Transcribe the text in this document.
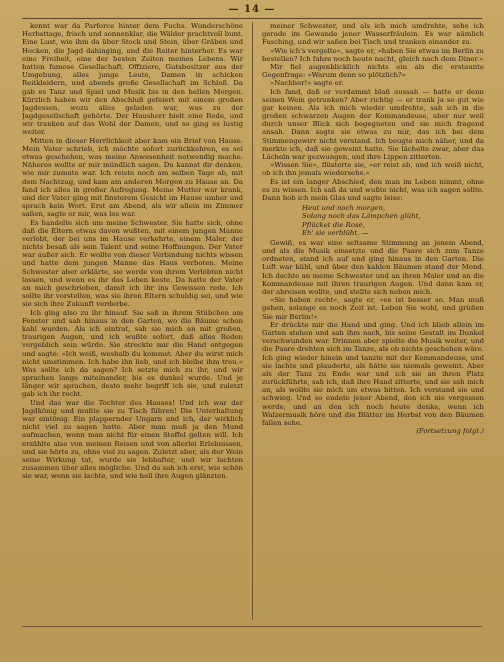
— 14 —

kennt war da Parforce hinter dem Fuchs. Wunderschöne Herbsttage, frisch und sonnenklar, die Wälder prachtvoll bunt. Eine Lust, wie ihm da über Stock und Stein, über Gräben und Hecken, die Jagd dahinging, und die Reiter hinterher. Es war eine Freiheit, eine der besten Zeiten meines Lebens. Wir hatten famose Gesellschaft. Offiziere, Gutsbesitzer aus der Umgebung, alles junge Leute, Damen in schicken Reitkleidern, und abends große Gesellschaft im Schloß. Da gab es Tanz und Spiel und Musik bis in den hellen Morgen. Kürzlich haben wir den Abschluß gefeiert mit einem großen Jagdessen, wozu alles geladen war, was zu der Jagdgesellschaft gehörte. Der Hausherr hielt eine Rede, und wir tranken auf das Wohl der Damen, und so ging es lustig weiter.

Mitten in dieser Herrlichkeit aber kam ein Brief von Hause. Mein Vater schrieb, ich möchte sofort zurückkehren, es sei etwas geschehen, was meine Anwesenheit notwendig mache. Näheres wollte er mir mündlich sagen. Du kannst dir denken, wie mir zumute war. Ich reiste noch am selben Tage ab, mit dem Nachtzug, und kam am anderen Morgen zu Hause an. Da fand ich alles in großer Aufregung. Meine Mutter war krank, und der Vater ging mit finsterem Gesicht im Hause umher und sprach kein Wort. Erst am Abend, als wir allein im Zimmer saßen, sagte er mir, was los war.

Es handelte sich um meine Schwester. Sie hatte sich, ohne daß die Eltern etwas davon wußten, mit einem jungen Manne verlobt, der bei uns im Hause verkehrte, einem Maler, der nichts besaß als sein Talent und seine Hoffnungen. Der Vater war außer sich. Er wollte von dieser Verbindung nichts wissen und hatte dem jungen Manne das Haus verboten. Meine Schwester aber erklärte, sie werde von ihrem Verlobten nicht lassen, und wenn es ihr das Leben koste. Da hatte der Vater an mich geschrieben, damit ich ihr ins Gewissen rede. Ich sollte ihr vorstellen, was sie ihren Eltern schuldig sei, und wie sie sich ihre Zukunft verderbe.

Ich ging also zu ihr hinauf. Sie saß in ihrem Stübchen am Fenster und sah hinaus in den Garten, wo die Bäume schon kahl wurden. Als ich eintrat, sah sie mich an mit großen, traurigen Augen, und ich wußte sofort, daß alles Reden vergeblich sein würde. Sie streckte mir die Hand entgegen und sagte: »Ich weiß, weshalb du kommst. Aber du wirst mich nicht umstimmen. Ich habe ihn lieb, und ich bleibe ihm treu.« Was sollte ich da sagen? Ich setzte mich zu ihr, und wir sprachen lange miteinander, bis es dunkel wurde. Und je länger wir sprachen, desto mehr begriff ich sie, und zuletzt gab ich ihr recht.

Und das war die Tochter des Hauses! Und ich war der Jagdkönig und mußte sie zu Tisch führen! Die Unterhaltung war eintönig. Ein plappernder Ungarn und ich, der wirklich nicht viel zu sagen hatte. Aber man muß ja den Mund aufmachen, wenn man nicht für einen Stoffel gelten will. Ich erzählte also von meinen Reisen und von allerlei Erlebnissen, und sie hörte zu, ohne viel zu sagen. Zuletzt aber, als der Wein seine Wirkung tat, wurde sie lebhafter, und wir lachten zusammen über alles mögliche. Und da sah ich erst, wie schön sie war, wenn sie lachte, und wie hell ihre Augen glänzten.

meiner Schwester, und als ich mich umdrehte, sehe ich gerade im Gewande jener Wasserfräulein. Es war nämlich Fasching, und wir saßen bei Tisch und tranken einander zu.

»Wie ich's vergelte«, sagte er, »haben Sie etwas im Berlin zu bestellen? Ich fahre noch heute nacht, gleich nach dem Diner.«

Mir fiel augenblicklich nichts ein als die erstaunte Gegenfrage: »Warum denn so plötzlich?«

»Nachher!« sagte er.

Ich fand, daß er verdammt blaß aussah — hatte er denn seinen Wein getrunken? Aber richtig — er trank ja so gut wie gar keinen. Als ich mich wieder umdrehte, sah ich in die großen schwarzen Augen der Kommandeuse, aber nur weil durch unser Blick sich begegneten und sie mich fragend ansah. Dann sagte sie etwas zu mir, das ich bei dem Stimmengewirr nicht verstand. Ich beugte mich näher, und da merkte ich, daß sie geweint hatte. Sie lächelte zwar, aber das Lächeln war gezwungen, und ihre Lippen zitterten.

»Wissen Sie«, flüsterte sie, »er reist ab, und ich weiß nicht, ob ich ihn jemals wiedersehe.«

Es ist ein langer Abschied, den man im Leben nimmt, ohne es zu wissen. Ich saß da und wußte nicht, was ich sagen sollte. Dann hob ich mein Glas und sagte leise:

Heut und noch morgen,
Solang noch das Lämpchen glüht,
Pflücket die Rose,
Eh' sie verblüht. —

Gewiß, es war eine seltsame Stimmung an jenem Abend, und als die Musik einsetzte und die Paare sich zum Tanze ordneten, stand ich auf und ging hinaus in den Garten. Die Luft war kühl, und über den kahlen Bäumen stand der Mond. Ich dachte an meine Schwester und an ihren Maler und an die Kommandeuse mit ihren traurigen Augen. Und dann kam er, der abreisen wollte, und stellte sich neben mich.

»Sie haben recht«, sagte er, »es ist besser so. Man muß gehen, solange es noch Zeit ist. Leben Sie wohl, und grüßen Sie mir Berlin!«

Er drückte mir die Hand und ging. Und ich blieb allein im Garten stehen und sah ihm nach, bis seine Gestalt im Dunkel verschwunden war. Drinnen aber spielte die Musik weiter, und die Paare drehten sich im Tanze, als ob nichts geschehen wäre. Ich ging wieder hinein und tanzte mit der Kommandeuse, und sie lachte und plauderte, als hätte sie niemals geweint. Aber als der Tanz zu Ende war und ich sie an ihren Platz zurückführte, sah ich, daß ihre Hand zitterte, und sie sah mich an, als wollte sie mich um etwas bitten. Ich verstand sie und schwieg. Und so endete jener Abend, den ich nie vergessen werde, und an den ich noch heute denke, wenn ich Walzermusik höre und die Blätter im Herbst von den Bäumen fallen sehe.

(Fortsetzung folgt.)
